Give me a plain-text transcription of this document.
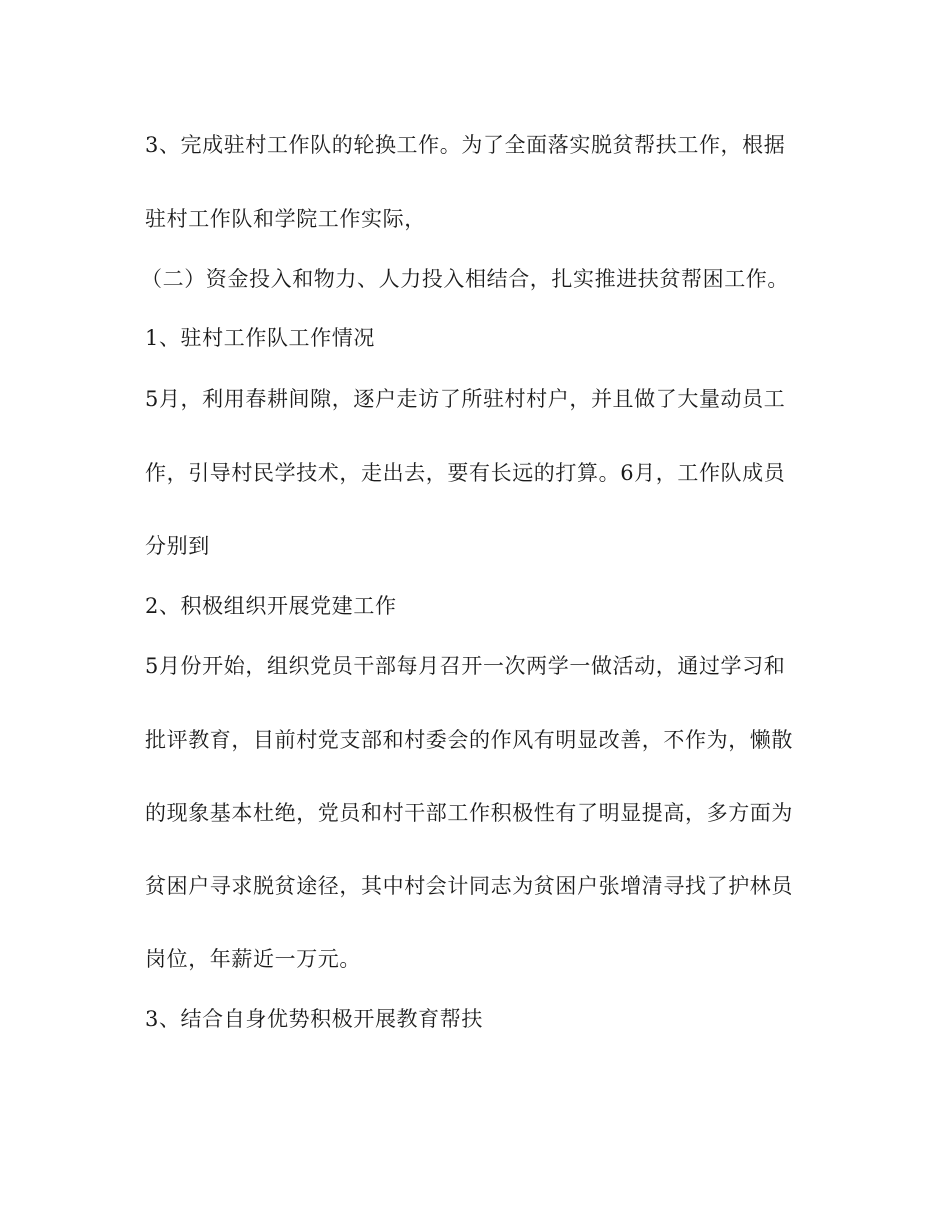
3、完成驻村工作队的轮换工作。为了全面落实脱贫帮扶工作，根据
驻村工作队和学院工作实际，
（二）资金投入和物力、人力投入相结合，扎实推进扶贫帮困工作。
1、驻村工作队工作情况
5月，利用春耕间隙，逐户走访了所驻村村户，并且做了大量动员工
作，引导村民学技术，走出去，要有长远的打算。6月，工作队成员
分别到
2、积极组织开展党建工作
5月份开始，组织党员干部每月召开一次两学一做活动，通过学习和
批评教育，目前村党支部和村委会的作风有明显改善，不作为，懒散
的现象基本杜绝，党员和村干部工作积极性有了明显提高，多方面为
贫困户寻求脱贫途径，其中村会计同志为贫困户张增清寻找了护林员
岗位，年薪近一万元。
3、结合自身优势积极开展教育帮扶
